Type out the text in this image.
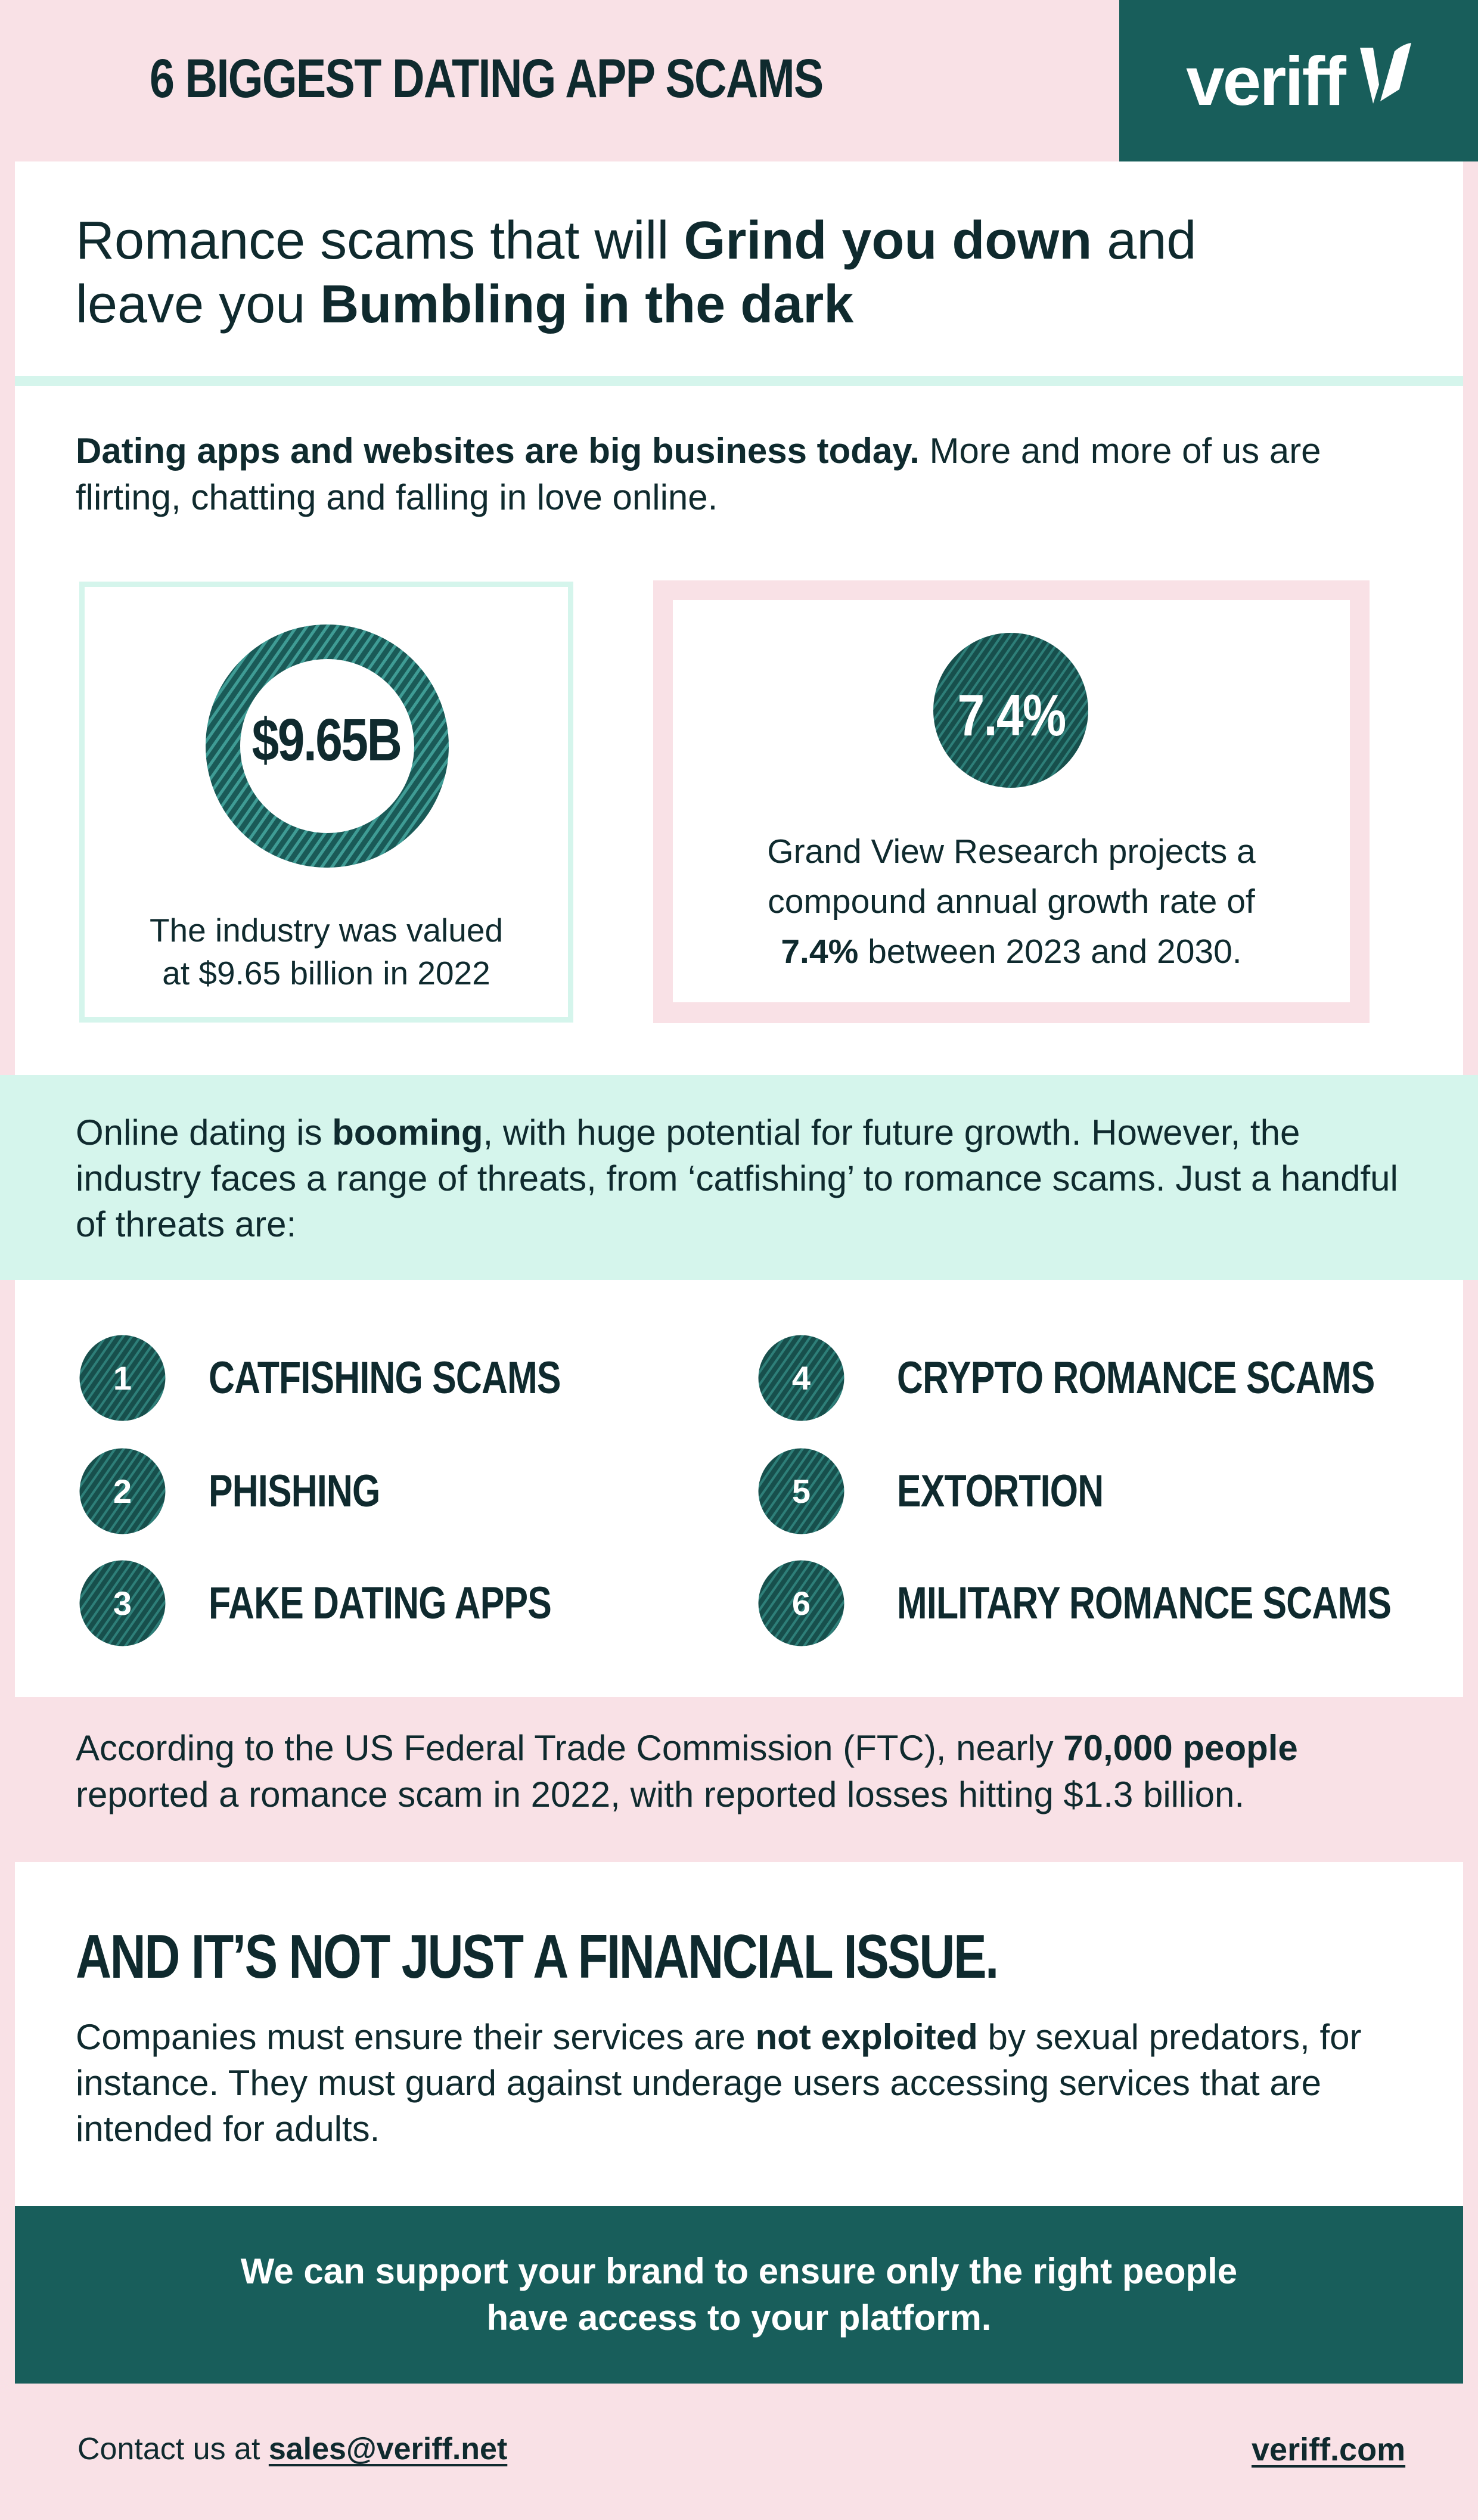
6 BIGGEST DATING APP SCAMS	veriff
Romance scams that will Grind you down and
leave you Bumbling in the dark

Dating apps and websites are big business today. More and more of us are flirting, chatting and falling in love online.

$9.65B
The industry was valued
at $9.65 billion in 2022
7.4%
Grand View Research projects a
compound annual growth rate of
7.4% between 2023 and 2030.

Online dating is booming, with huge potential for future growth. However, the industry faces a range of threats, from ‘catfishing’ to romance scams. Just a handful of threats are:

1	CATFISHING SCAMS
2	PHISHING
3	FAKE DATING APPS
4	CRYPTO ROMANCE SCAMS
5	EXTORTION
6	MILITARY ROMANCE SCAMS

According to the US Federal Trade Commission (FTC), nearly 70,000 people reported a romance scam in 2022, with reported losses hitting $1.3 billion.

AND IT’S NOT JUST A FINANCIAL ISSUE.

Companies must ensure their services are not exploited by sexual predators, for instance. They must guard against underage users accessing services that are intended for adults.

We can support your brand to ensure only the right people
have access to your platform.

Contact us at sales@veriff.net	veriff.com
